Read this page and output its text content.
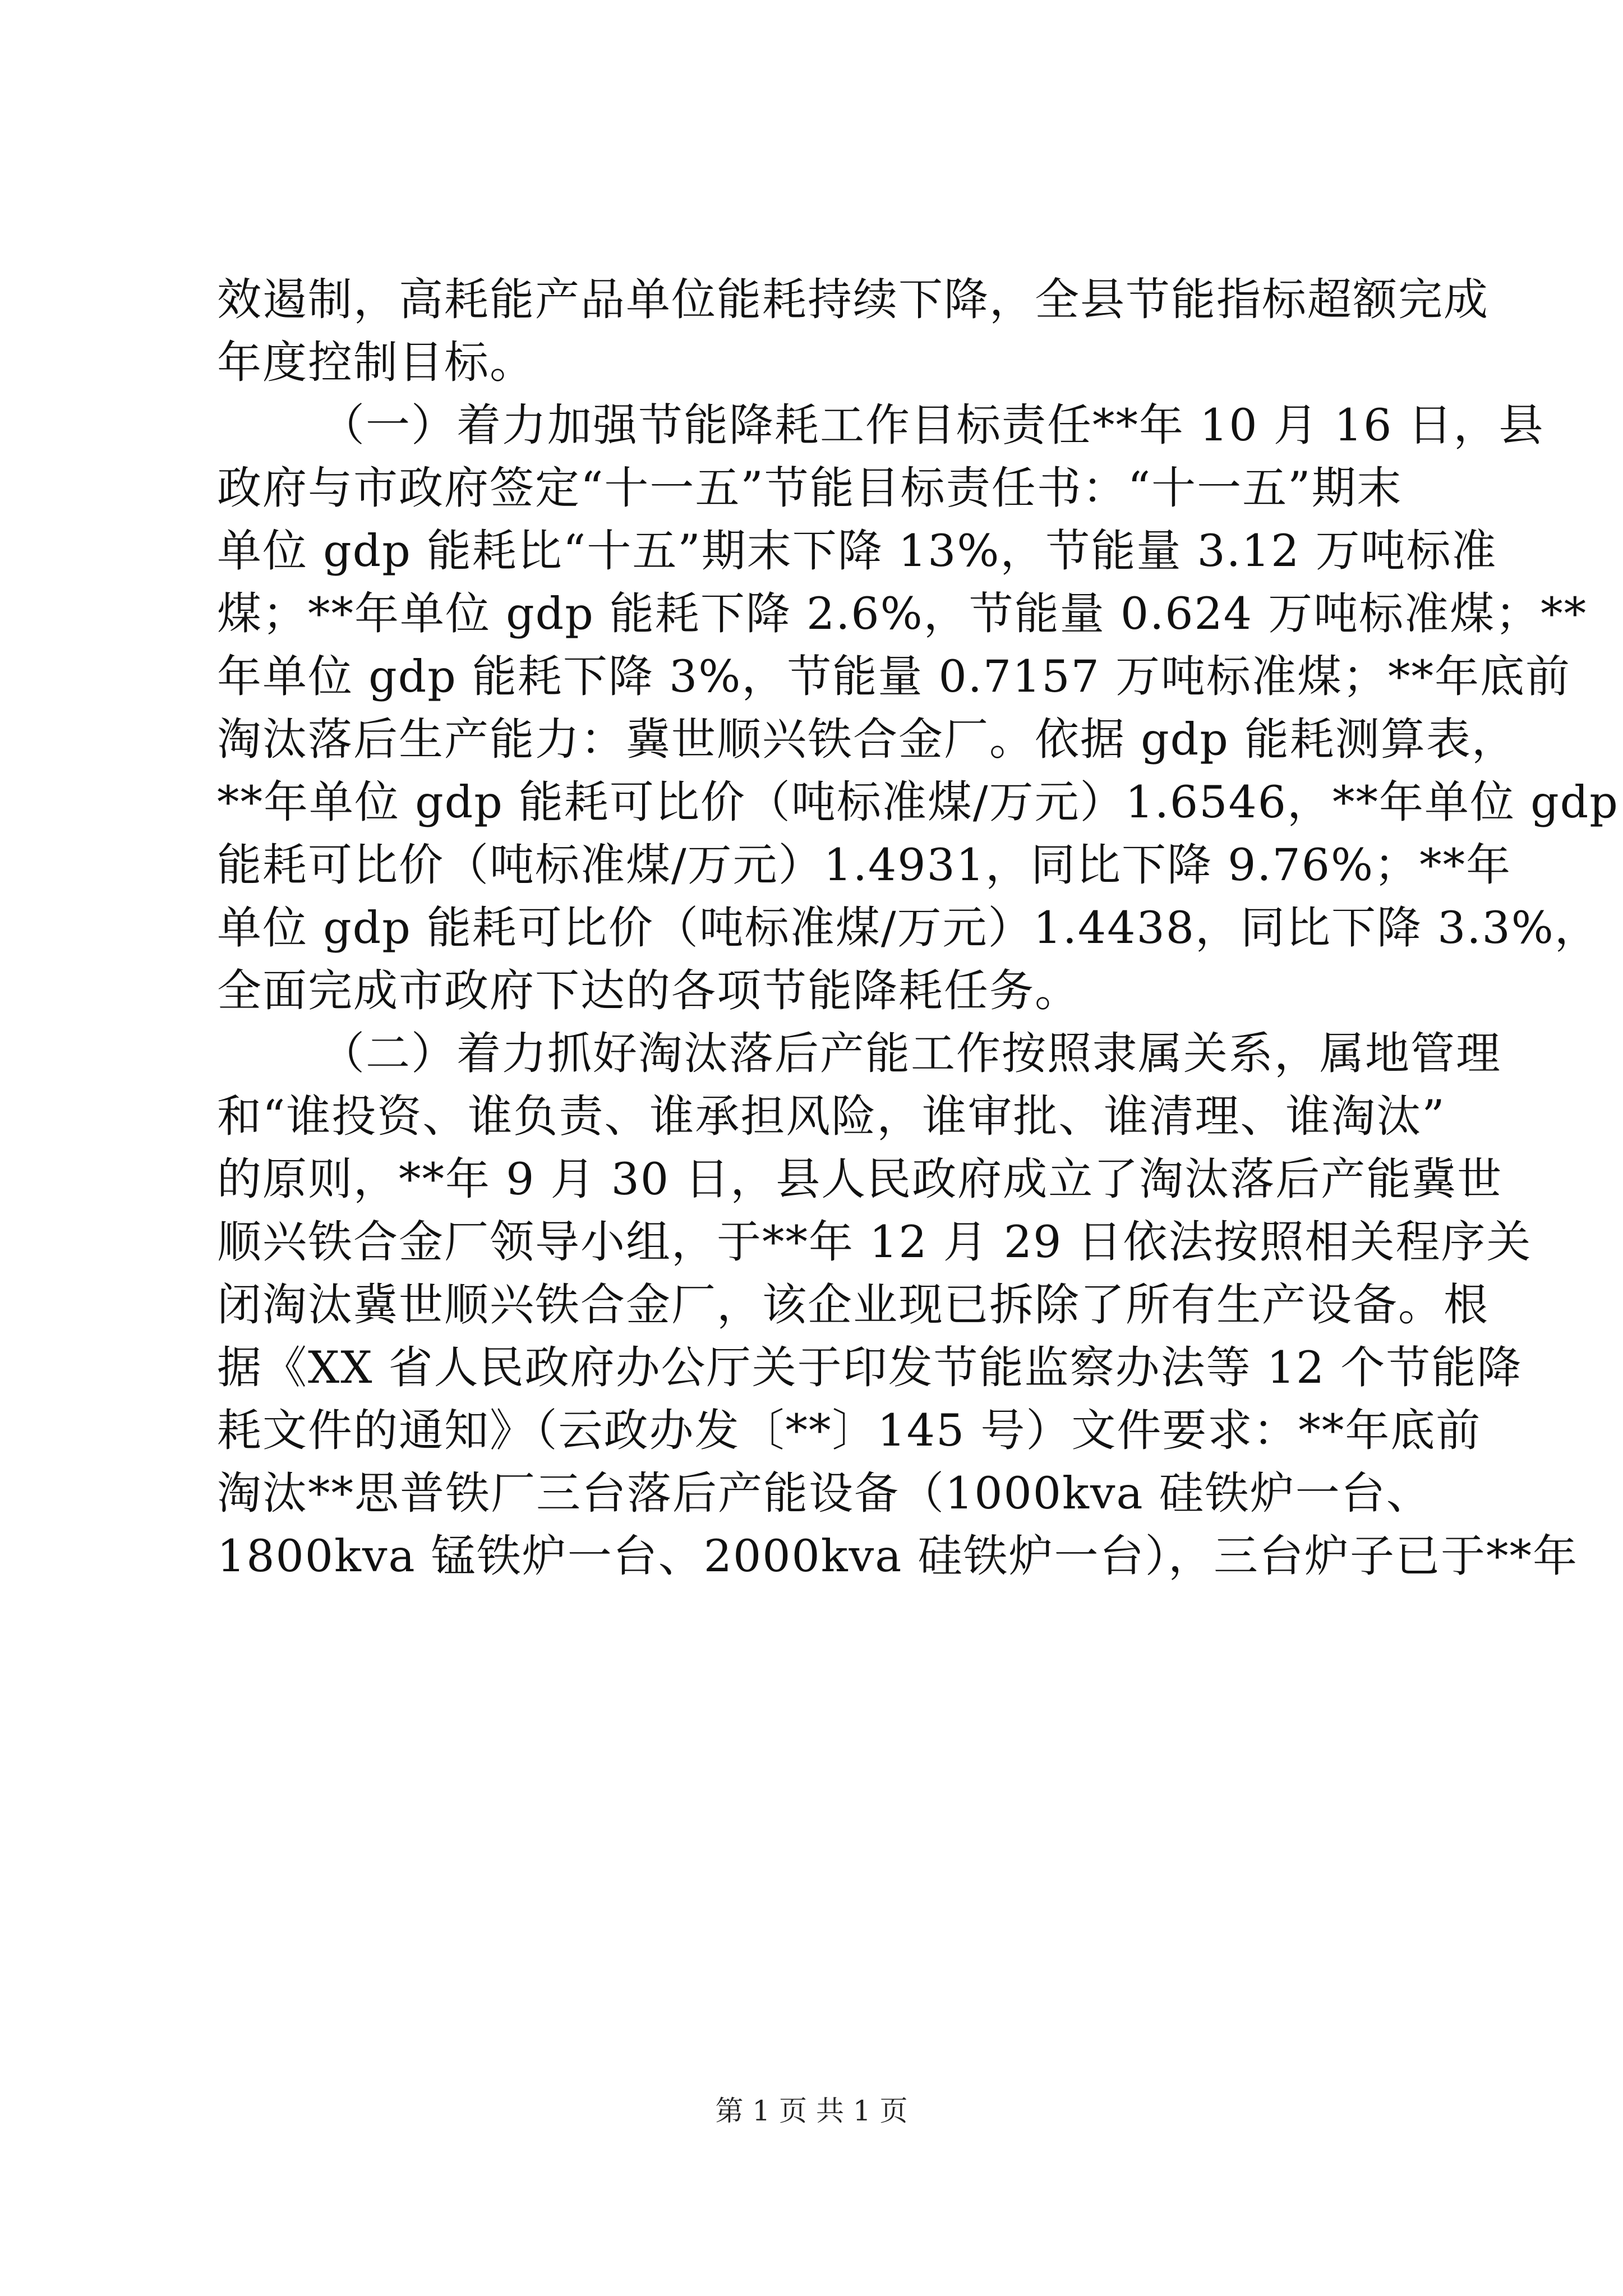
效遏制，高耗能产品单位能耗持续下降，全县节能指标超额完成
年度控制目标。
（一）着力加强节能降耗工作目标责任**年 10 月 16 日，县
政府与市政府签定“十一五”节能目标责任书：“十一五”期末
单位 gdp 能耗比“十五”期末下降 13%，节能量 3.12 万吨标准
煤；**年单位 gdp 能耗下降 2.6%，节能量 0.624 万吨标准煤；**
年单位 gdp 能耗下降 3%，节能量 0.7157 万吨标准煤；**年底前
淘汰落后生产能力：冀世顺兴铁合金厂。依据 gdp 能耗测算表，
**年单位 gdp 能耗可比价（吨标准煤/万元）1.6546，**年单位 gdp
能耗可比价（吨标准煤/万元）1.4931，同比下降 9.76%；**年
单位 gdp 能耗可比价（吨标准煤/万元）1.4438，同比下降 3.3%，
全面完成市政府下达的各项节能降耗任务。
（二）着力抓好淘汰落后产能工作按照隶属关系，属地管理
和“谁投资、谁负责、谁承担风险，谁审批、谁清理、谁淘汰”
的原则，**年 9 月 30 日，县人民政府成立了淘汰落后产能冀世
顺兴铁合金厂领导小组，于**年 12 月 29 日依法按照相关程序关
闭淘汰冀世顺兴铁合金厂，该企业现已拆除了所有生产设备。根
据《XX 省人民政府办公厅关于印发节能监察办法等 12 个节能降
耗文件的通知》（云政办发〔**〕145 号）文件要求：**年底前
淘汰**思普铁厂三台落后产能设备（1000kva 硅铁炉一台、
1800kva 锰铁炉一台、2000kva 硅铁炉一台），三台炉子已于**年
第 1 页 共 1 页
